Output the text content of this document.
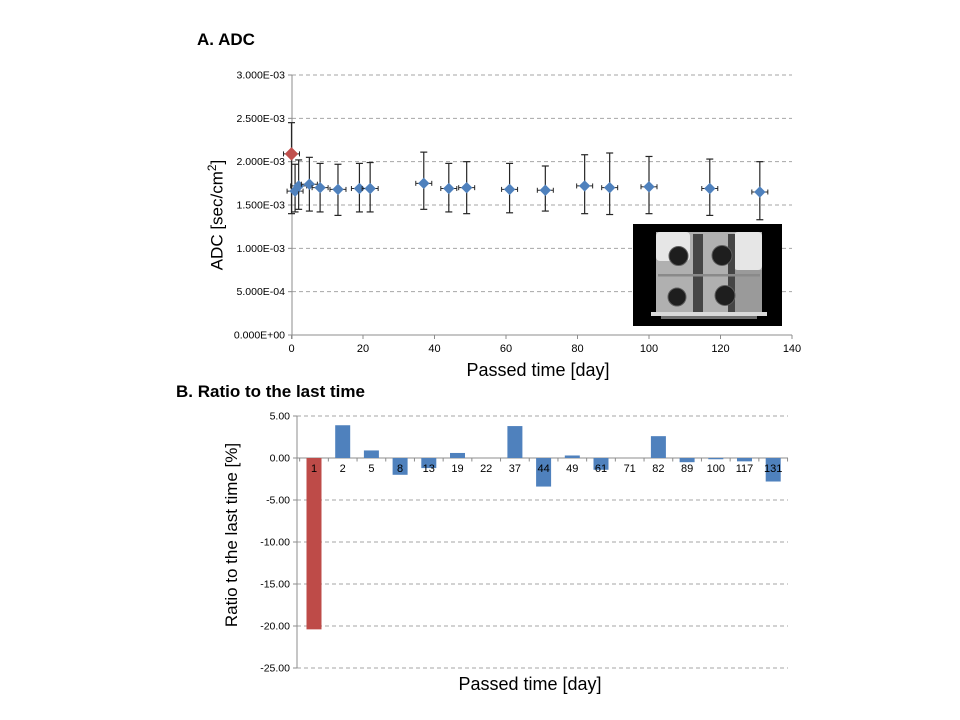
3.000E-03
2.500E-03
2.000E-03
1.500E-03
1.000E-03
5.000E-04
0.000E+00
0	20	40	60	80	100	120	140
5.00
0.00
-5.00
-10.00
-15.00
-20.00
-25.00
1 2 5 8 13 19 22 37 44 49 61 71 82 89 100 117 131
A. ADC
ADC $[\sec/cm^2]$
Passed time [day]
B. Ratio to the last time
Ratio to the last time [%]
Passed time [day]
